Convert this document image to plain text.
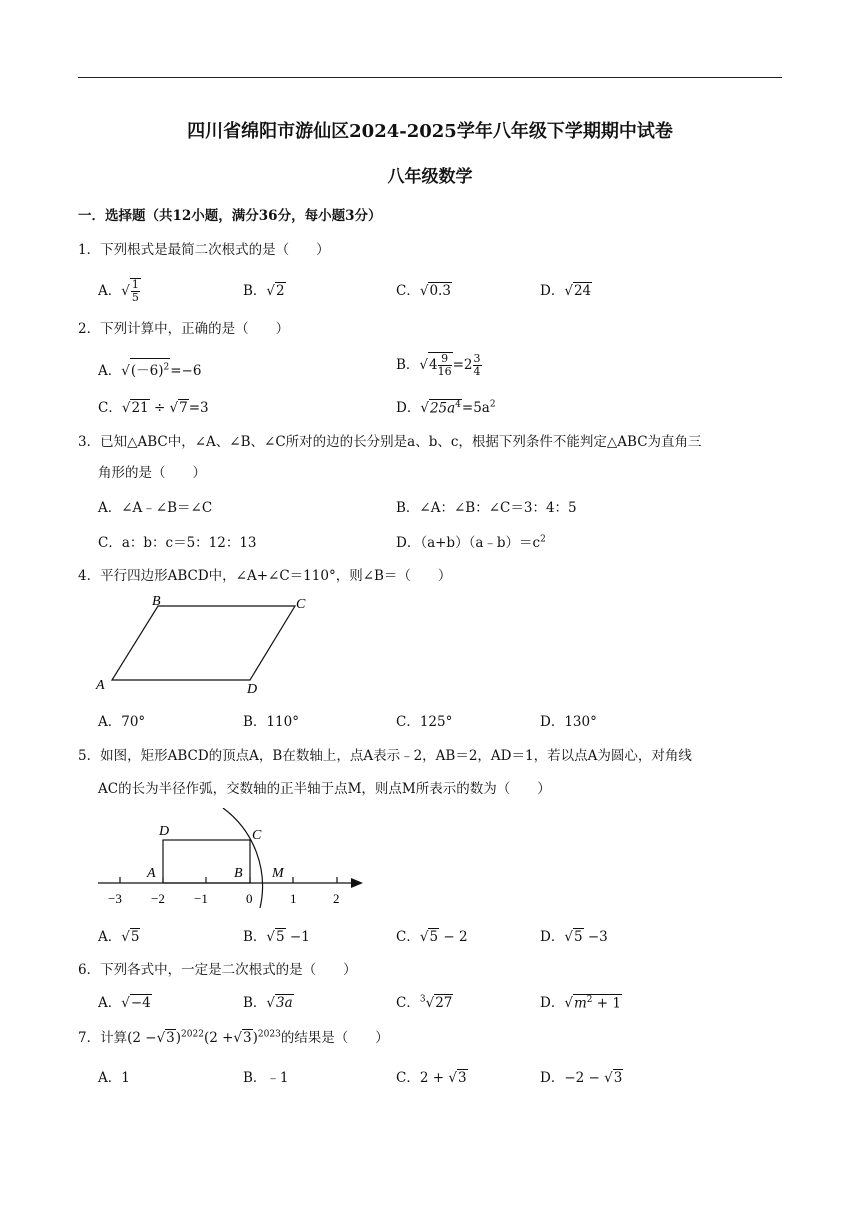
四川省绵阳市游仙区2024-2025学年八年级下学期期中试卷
八年级数学
一．选择题（共12小题，满分36分，每小题3分）
1．下列根式是最简二次根式的是（　　）
A．√ $\frac{1}{5}$	B．√2	C．√0.3	D．√24
2．下列计算中，正确的是（　　）
A．$√(-6)^2=-6$	B．$√4 \frac{9}{16} =2 \frac{3}{4}$
C．√21 ÷ √7=3	D．$√25a^4=5a^2$
3．已知△ABC中，∠A、∠B、∠C所对的边的长分别是a、b、c，根据下列条件不能判定△ABC为直角三
角形的是（　　）
A．∠A﹣∠B＝∠C	B．∠A：∠B：∠C＝3：4：5
C．a：b：c＝5：12：13	D．$(a+b)(a﹣b)=c^2$
4．平行四边形ABCD中，∠A+∠C＝110°，则∠B＝（　　）
B	C
A	D
A．70°	B．110°	C．125°	D．130°
5．如图，矩形ABCD的顶点A，B在数轴上，点A表示﹣2，AB＝2，AD＝1，若以点A为圆心，对角线
AC的长为半径作弧，交数轴的正半轴于点M，则点M所表示的数为（　　）
D	C
A	B M
−3 −2 −1	0	1	2
A．√5	B．√5 −1	C．√5 − 2	D．√5 −3
6．下列各式中，一定是二次根式的是（　　）
A．√−4	B．√3a	C．$^3$√27	D．$√m^2 + 1$
7．计算$(2 -√3)^{2022}(2 +√3)^{2023}$的结果是（　　）
A．1	B．﹣1	C．2 + √3	D．−2 − √3
